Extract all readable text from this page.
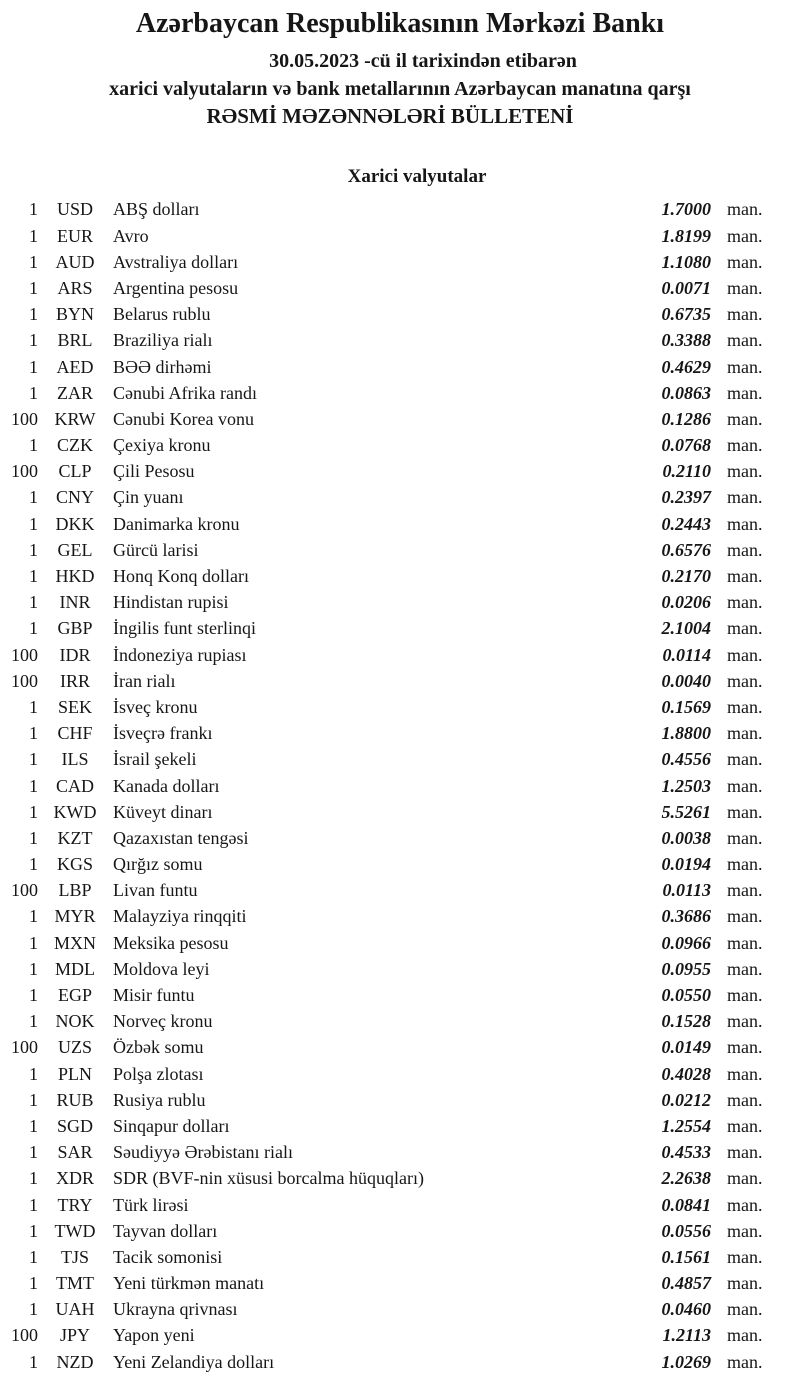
Azərbaycan Respublikasının Mərkəzi Bankı
30.05.2023 -cü il tarixindən etibarən
xarici valyutaların və bank metallarının Azərbaycan manatına qarşı
RƏSMİ MƏZƏNNƏLƏRİ BÜLLETENİ
Xarici valyutalar
1	USD	ABŞ dolları	1.7000 man.
1	EUR	Avro	1.8199 man.
1 AUD	Avstraliya dolları	1.1080 man.
1	ARS	Argentina pesosu	0.0071 man.
1 BYN	Belarus rublu	0.6735 man.
1	BRL	Braziliya rialı	0.3388 man.
1	AED	BƏƏ dirhəmi	0.4629 man.
1	ZAR	Cənubi Afrika randı	0.0863 man.
100 KRW Cənubi Korea vonu	0.1286 man.
1	CZK	Çexiya kronu	0.0768 man.
100	CLP	Çili Pesosu	0.2110 man.
1 CNY	Çin yuanı	0.2397 man.
1 DKK	Danimarka kronu	0.2443 man.
1	GEL	Gürcü larisi	0.6576 man.
1 HKD	Honq Konq dolları	0.2170 man.
1	INR	Hindistan rupisi	0.0206 man.
1	GBP	İngilis funt sterlinqi	2.1004 man.
100	IDR	İndoneziya rupiası	0.0114 man.
100	IRR	İran rialı	0.0040 man.
1	SEK	İsveç kronu	0.1569 man.
1	CHF	İsveçrə frankı	1.8800 man.
1	ILS	İsrail şekeli	0.4556 man.
1 CAD	Kanada dolları	1.2503 man.
1 KWD Küveyt dinarı	5.5261 man.
1	KZT	Qazaxıstan tengəsi	0.0038 man.
1	KGS	Qırğız somu	0.0194 man.
100	LBP	Livan funtu	0.0113 man.
1 MYR Malayziya rinqqiti	0.3686 man.
1 MXN Meksika pesosu	0.0966 man.
1 MDL	Moldova leyi	0.0955 man.
1	EGP	Misir funtu	0.0550 man.
1 NOK	Norveç kronu	0.1528 man.
100	UZS	Özbək somu	0.0149 man.
1	PLN	Polşa zlotası	0.4028 man.
1	RUB	Rusiya rublu	0.0212 man.
1	SGD	Sinqapur dolları	1.2554 man.
1	SAR	Səudiyyə Ərəbistanı rialı	0.4533 man.
1 XDR	SDR (BVF-nin xüsusi borcalma hüquqları)	2.2638 man.
1	TRY	Türk lirəsi	0.0841 man.
1 TWD Tayvan dolları	0.0556 man.
1	TJS	Tacik somonisi	0.1561 man.
1	TMT	Yeni türkmən manatı	0.4857 man.
1 UAH	Ukrayna qrivnası	0.0460 man.
100	JPY	Yapon yeni	1.2113 man.
1	NZD	Yeni Zelandiya dolları	1.0269 man.
